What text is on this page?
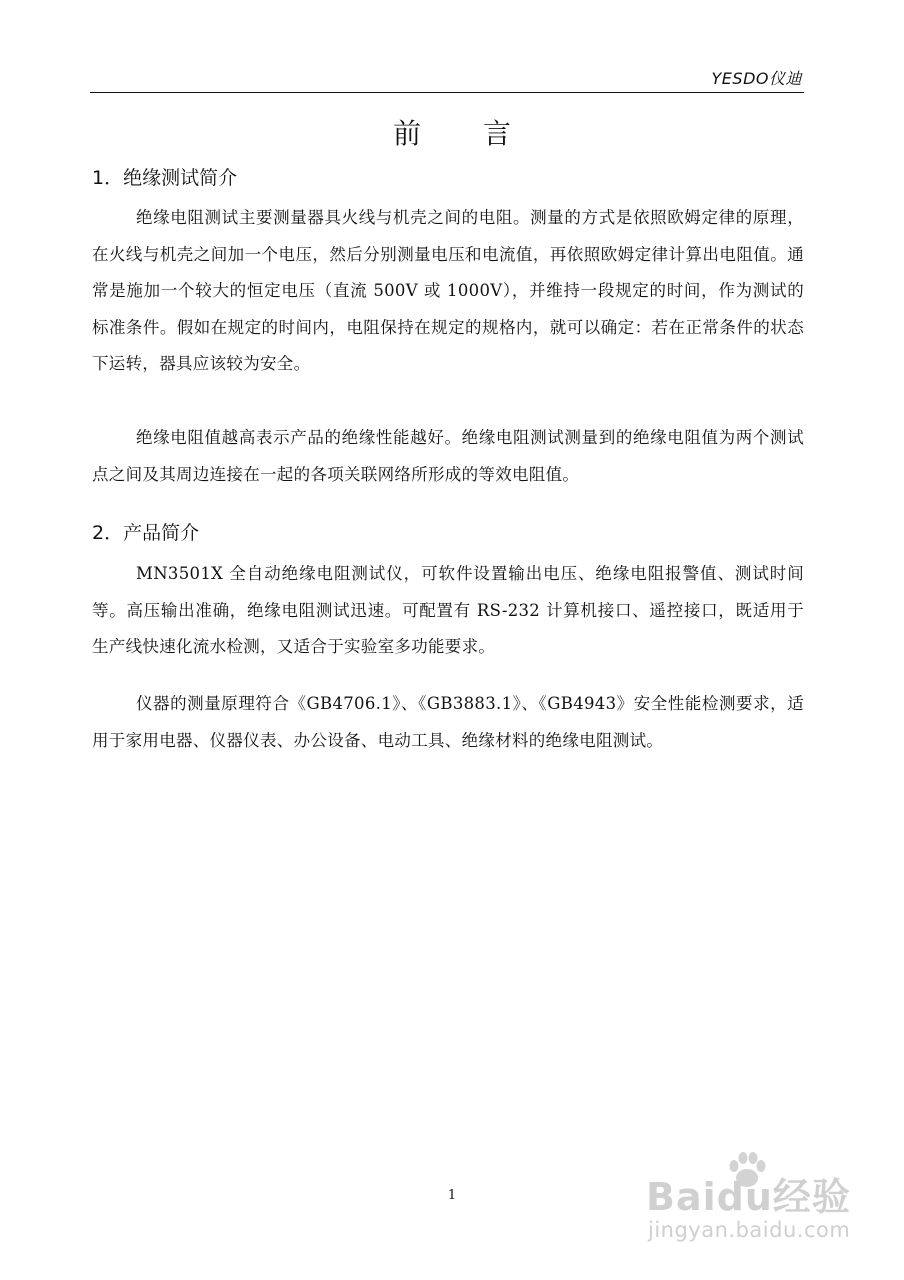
YESDO仪迪
前言
1．绝缘测试简介
绝缘电阻测试主要测量器具火线与机壳之间的电阻。测量的方式是依照欧姆定律的原理，在火线与机壳之间加一个电压，然后分别测量电压和电流值，再依照欧姆定律计算出电阻值。通常是施加一个较大的恒定电压（直流 500V 或 1000V），并维持一段规定的时间，作为测试的标准条件。假如在规定的时间内，电阻保持在规定的规格内，就可以确定：若在正常条件的状态下运转，器具应该较为安全。
绝缘电阻值越高表示产品的绝缘性能越好。绝缘电阻测试测量到的绝缘电阻值为两个测试点之间及其周边连接在一起的各项关联网络所形成的等效电阻值。
2．产品简介
MN3501X 全自动绝缘电阻测试仪，可软件设置输出电压、绝缘电阻报警值、测试时间等。高压输出准确，绝缘电阻测试迅速。可配置有 RS-232 计算机接口、遥控接口，既适用于生产线快速化流水检测，又适合于实验室多功能要求。
仪器的测量原理符合《GB4706.1》、《GB3883.1》、《GB4943》安全性能检测要求，适用于家用电器、仪器仪表、办公设备、电动工具、绝缘材料的绝缘电阻测试。
1	Baidu经验
jingyan.baidu.com
